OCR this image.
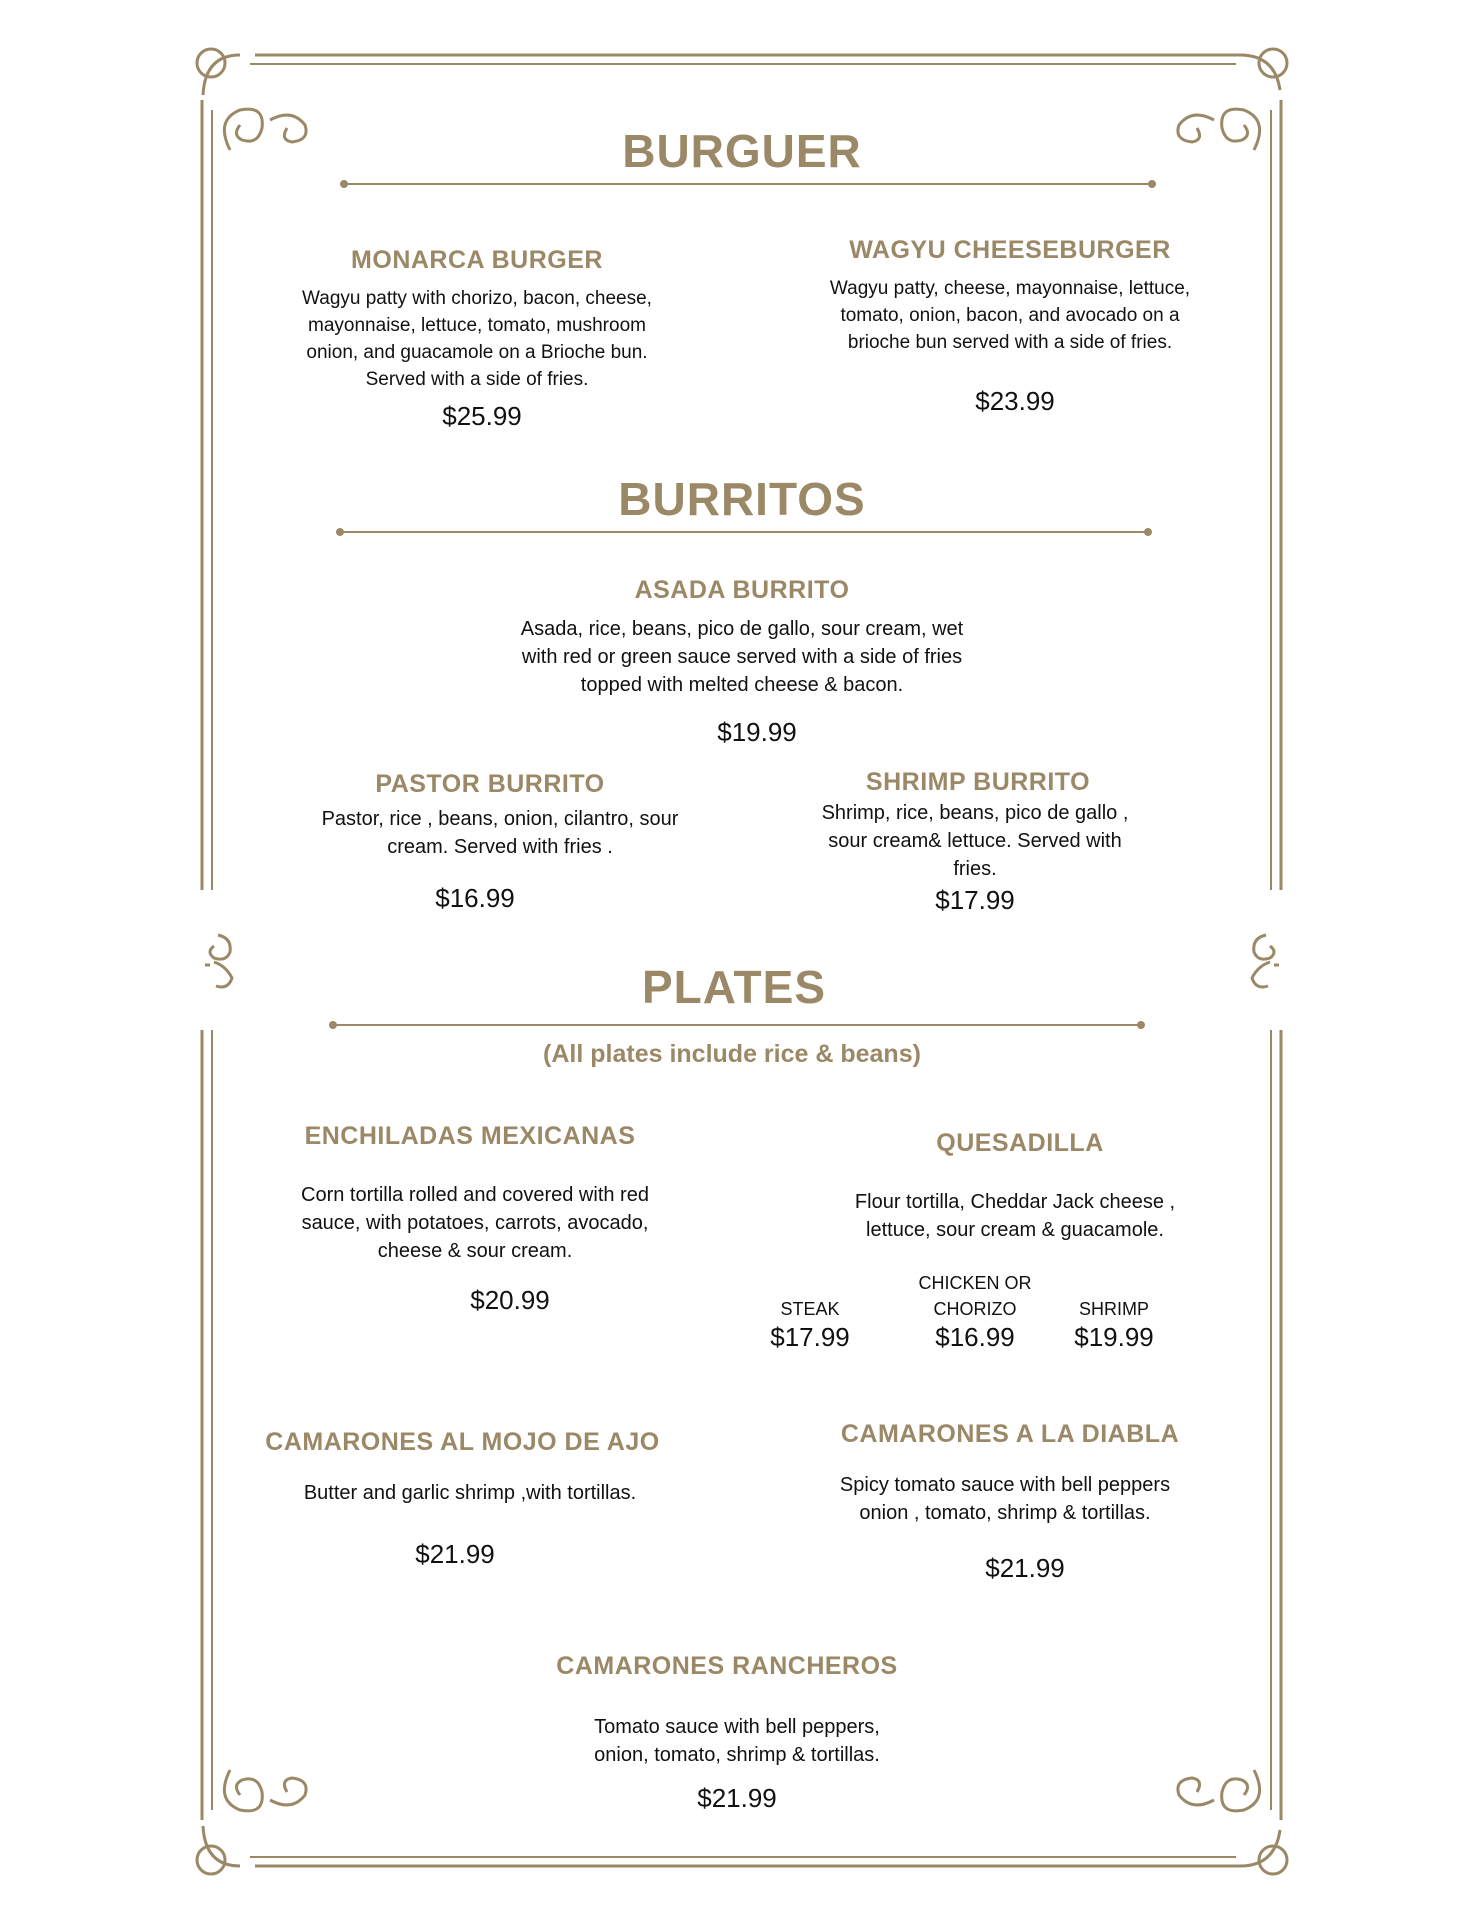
BURGUER
MONARCA BURGER
Wagyu patty with chorizo, bacon, cheese,
mayonnaise, lettuce, tomato, mushroom
onion, and guacamole on a Brioche bun.
Served with a side of fries.
$25.99
WAGYU CHEESEBURGER
Wagyu patty, cheese, mayonnaise, lettuce,
tomato, onion, bacon, and avocado on a
brioche bun served with a side of fries.
$23.99
BURRITOS
ASADA BURRITO
Asada, rice, beans, pico de gallo, sour cream, wet
with red or green sauce served with a side of fries
topped with melted cheese & bacon.
$19.99
PASTOR BURRITO
Pastor, rice , beans, onion, cilantro, sour
cream. Served with fries .
$16.99
SHRIMP BURRITO
Shrimp, rice, beans, pico de gallo ,
sour cream& lettuce. Served with
fries.
$17.99
PLATES
(All plates include rice & beans)
ENCHILADAS MEXICANAS
Corn tortilla rolled and covered with red
sauce, with potatoes, carrots, avocado,
cheese & sour cream.
$20.99
QUESADILLA
Flour tortilla, Cheddar Jack cheese ,
lettuce, sour cream & guacamole.
STEAK
$17.99
CHICKEN OR
CHORIZO
$16.99
SHRIMP
$19.99
CAMARONES AL MOJO DE AJO
Butter and garlic shrimp ,with tortillas.
$21.99
CAMARONES A LA DIABLA
Spicy tomato sauce with bell peppers
onion , tomato, shrimp & tortillas.
$21.99
CAMARONES RANCHEROS
Tomato sauce with bell peppers,
onion, tomato, shrimp & tortillas.
$21.99
